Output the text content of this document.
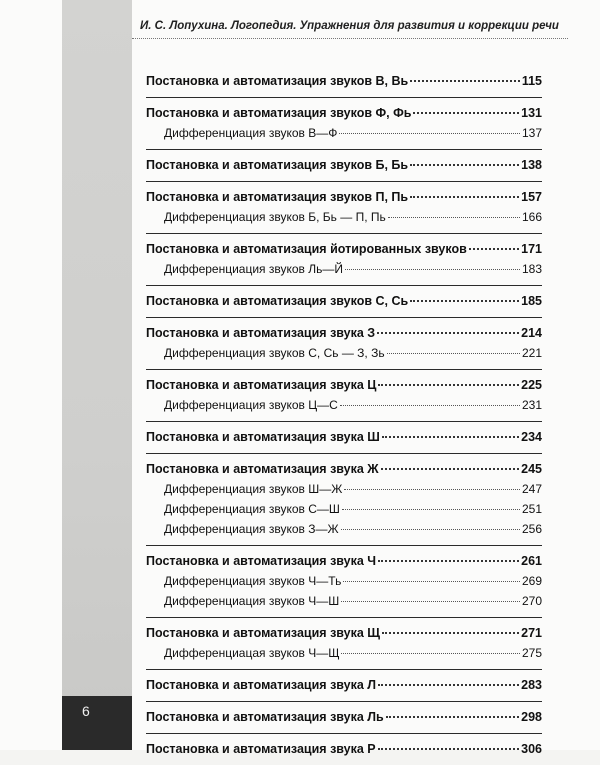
6
И. С. Лопухина. Логопедия. Упражнения для развития и коррекции речи
Постановка и автоматизация звуков В, Вь	115
Постановка и автоматизация звуков Ф, Фь	131
Дифференциация звуков В—Ф	137
Постановка и автоматизация звуков Б, Бь	138
Постановка и автоматизация звуков П, Пь	157
Дифференциация звуков Б, Бь — П, Пь	166
Постановка и автоматизация йотированных звуков	171
Дифференциация звуков Ль—Й	183
Постановка и автоматизация звуков С, Сь	185
Постановка и автоматизация звука З	214
Дифференциация звуков С, Сь — З, Зь	221
Постановка и автоматизация звука Ц	225
Дифференциация звуков Ц—С	231
Постановка и автоматизация звука Ш	234
Постановка и автоматизация звука Ж	245
Дифференциация звуков Ш—Ж	247
Дифференциация звуков С—Ш	251
Дифференциация звуков З—Ж	256
Постановка и автоматизация звука Ч	261
Дифференциация звуков Ч—Ть	269
Дифференциация звуков Ч—Ш	270
Постановка и автоматизация звука Щ	271
Дифференциацая звуков Ч—Щ	275
Постановка и автоматизация звука Л	283
Постановка и автоматизация звука Ль	298
Постановка и автоматизация звука Р	306
